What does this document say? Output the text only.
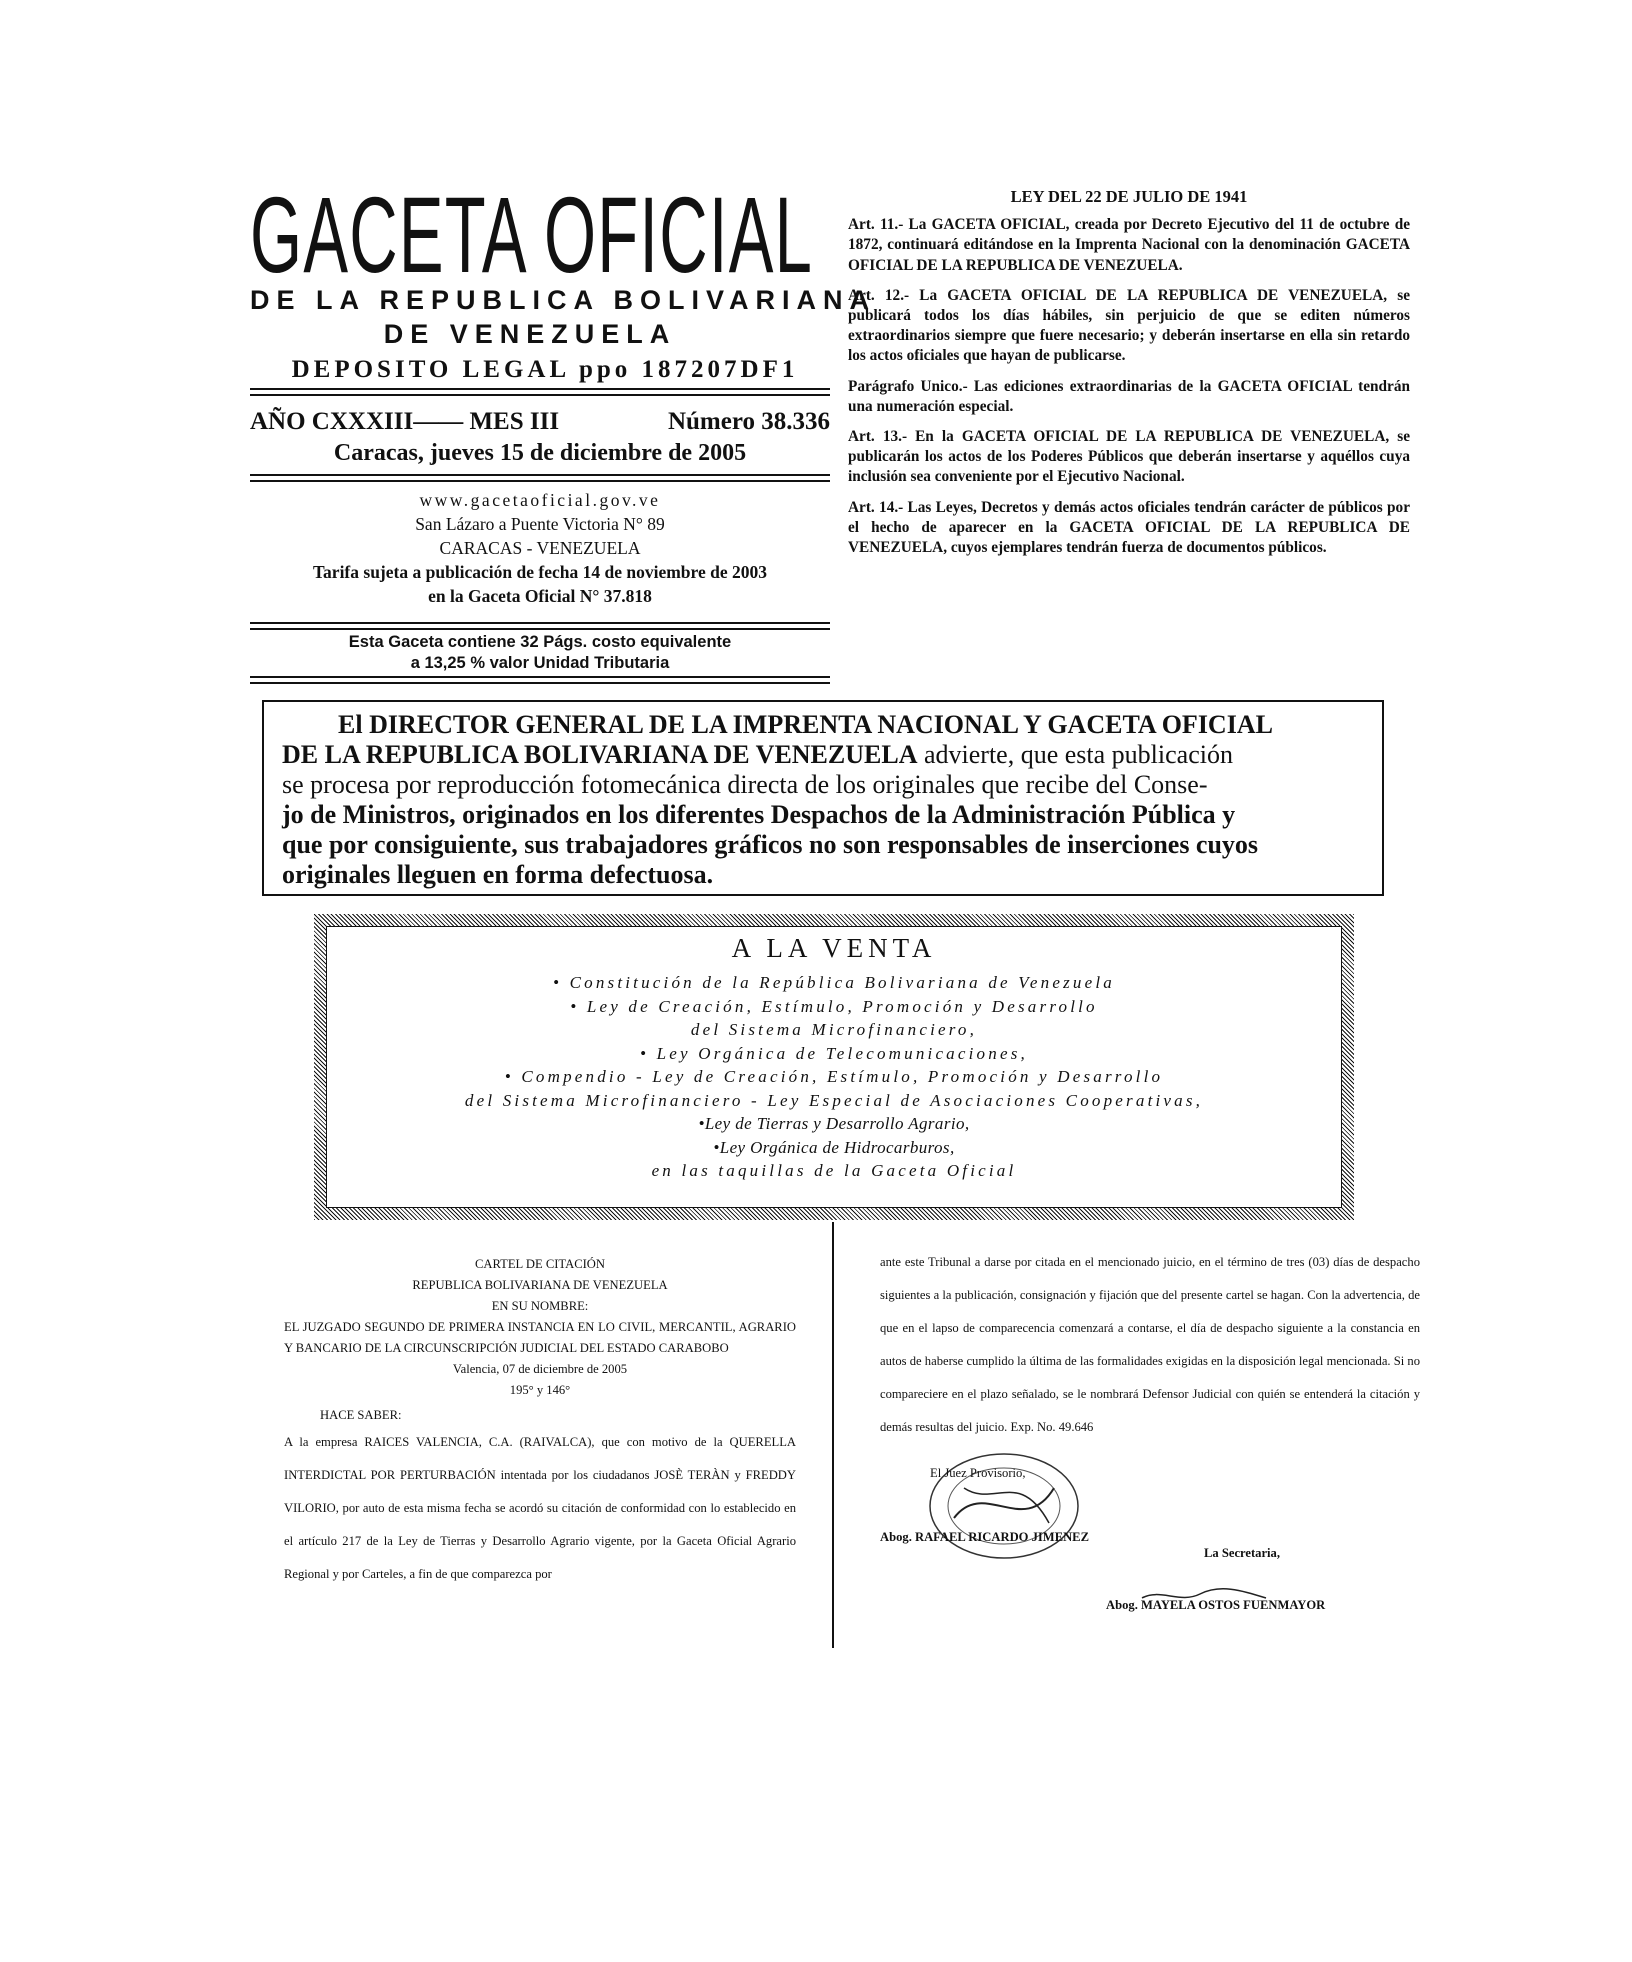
GACETA OFICIAL
DE LA REPUBLICA BOLIVARIANA
DE VENEZUELA
DEPOSITO LEGAL ppo 187207DF1
AÑO CXXXIII—— MES III	Número 38.336
Caracas, jueves 15 de diciembre de 2005
www.gacetaoficial.gov.ve
San Lázaro a Puente Victoria N° 89
CARACAS - VENEZUELA
Tarifa sujeta a publicación de fecha 14 de noviembre de 2003
en la Gaceta Oficial N° 37.818
Esta Gaceta contiene 32 Págs. costo equivalente
a 13,25 % valor Unidad Tributaria
LEY DEL 22 DE JULIO DE 1941

Art. 11.- La GACETA OFICIAL, creada por Decreto Ejecutivo del 11 de octubre de 1872, continuará editándose en la Imprenta Nacional con la denominación GACETA OFICIAL DE LA REPUBLICA DE VENEZUELA.

Art. 12.- La GACETA OFICIAL DE LA REPUBLICA DE VENEZUELA, se publicará todos los días hábiles, sin perjuicio de que se editen números extraordinarios siempre que fuere necesario; y deberán insertarse en ella sin retardo los actos oficiales que hayan de publicarse.

Parágrafo Unico.- Las ediciones extraordinarias de la GACETA OFICIAL tendrán una numeración especial.

Art. 13.- En la GACETA OFICIAL DE LA REPUBLICA DE VENEZUELA, se publicarán los actos de los Poderes Públicos que deberán insertarse y aquéllos cuya inclusión sea conveniente por el Ejecutivo Nacional.

Art. 14.- Las Leyes, Decretos y demás actos oficiales tendrán carácter de públicos por el hecho de aparecer en la GACETA OFICIAL DE LA REPUBLICA DE VENEZUELA, cuyos ejemplares tendrán fuerza de documentos públicos.

El DIRECTOR GENERAL DE LA IMPRENTA NACIONAL Y GACETA OFICIAL
DE LA REPUBLICA BOLIVARIANA DE VENEZUELA advierte, que esta publicación
se procesa por reproducción fotomecánica directa de los originales que recibe del Conse-
jo de Ministros, originados en los diferentes Despachos de la Administración Pública y
que por consiguiente, sus trabajadores gráficos no son responsables de inserciones cuyos
originales lleguen en forma defectuosa.
A LA VENTA
• Constitución de la República Bolivariana de Venezuela
• Ley de Creación, Estímulo, Promoción y Desarrollo
del Sistema Microfinanciero,
• Ley Orgánica de Telecomunicaciones,
• Compendio - Ley de Creación, Estímulo, Promoción y Desarrollo
del Sistema Microfinanciero - Ley Especial de Asociaciones Cooperativas,
•Ley de Tierras y Desarrollo Agrario,
•Ley Orgánica de Hidrocarburos,
en las taquillas de la Gaceta Oficial

CARTEL DE CITACIÓN

REPUBLICA BOLIVARIANA DE VENEZUELA

EN SU NOMBRE:

EL JUZGADO SEGUNDO DE PRIMERA INSTANCIA EN LO CIVIL, MERCANTIL, AGRARIO Y BANCARIO DE LA CIRCUNSCRIPCIÓN JUDICIAL DEL ESTADO CARABOBO

Valencia, 07 de diciembre de 2005

195° y 146°

HACE SABER:

A la empresa RAICES VALENCIA, C.A. (RAIVALCA), que con motivo de la QUERELLA INTERDICTAL POR PERTURBACIÓN intentada por los ciudadanos JOSÈ TERÀN y FREDDY VILORIO, por auto de esta misma fecha se acordó su citación de conformidad con lo establecido en el artículo 217 de la Ley de Tierras y Desarrollo Agrario vigente, por la Gaceta Oficial Agrario Regional y por Carteles, a fin de que comparezca por

ante este Tribunal a darse por citada en el mencionado juicio, en el término de tres (03) días de despacho siguientes a la publicación, consignación y fijación que del presente cartel se hagan. Con la advertencia, de que en el lapso de comparecencia comenzará a contarse, el día de despacho siguiente a la constancia en autos de haberse cumplido la última de las formalidades exigidas en la disposición legal mencionada. Si no compareciere en el plazo señalado, se le nombrará Defensor Judicial con quién se entenderá la citación y demás resultas del juicio. Exp. No. 49.646
El Juez Provisorio,
Abog. RAFAEL RICARDO JIMENEZ
La Secretaria,
Abog. MAYELA OSTOS FUENMAYOR
